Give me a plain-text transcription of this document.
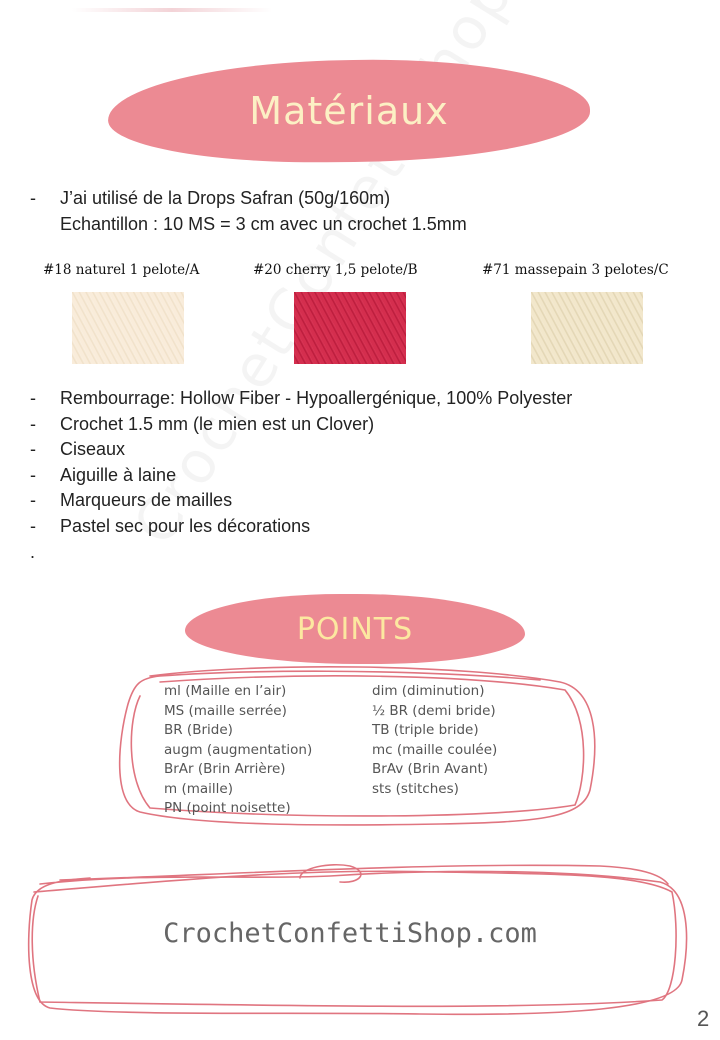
Matériaux
- J’ai utilisé de la Drops Safran (50g/160m)
Echantillon : 10 MS = 3 cm avec un crochet 1.5mm
#18 naturel 1 pelote/A	#20 cherry 1,5 pelote/B	#71 massepain 3 pelotes/C
- Rembourrage: Hollow Fiber - Hypoallergénique, 100% Polyester
- Crochet 1.5 mm (le mien est un Clover)
- Ciseaux
- Aiguille à laine
- Marqueurs de mailles
- Pastel sec pour les décorations
.
POINTS
ml (Maille en l’air)
MS (maille serrée)
BR (Bride)
augm (augmentation)
BrAr (Brin Arrière)
m (maille)
PN (point noisette)
dim (diminution)
½ BR (demi bride)
TB (triple bride)
mc (maille coulée)
BrAv (Brin Avant)
sts (stitches)
CrochetConfettiShop.com
2
